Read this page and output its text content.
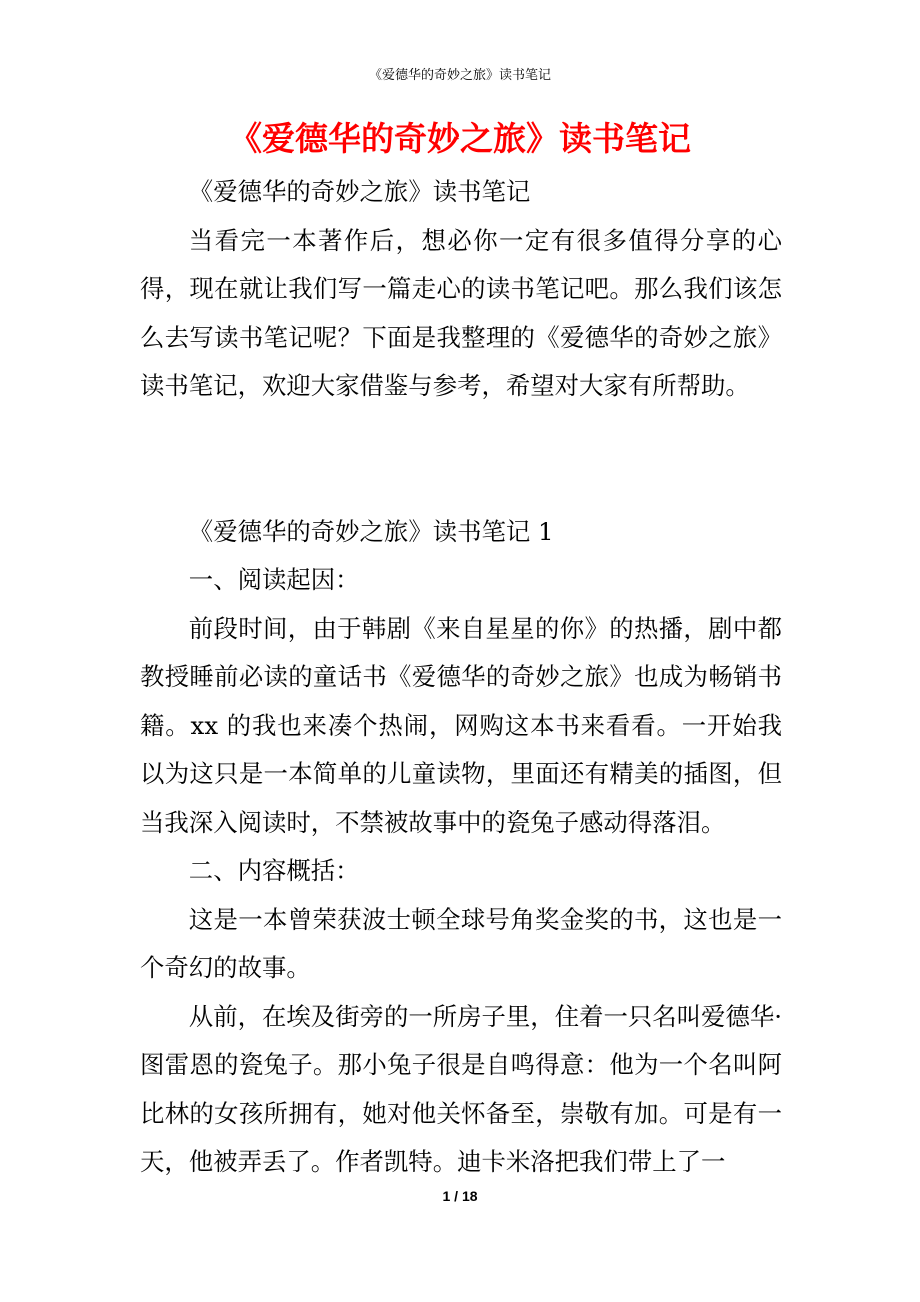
《爱德华的奇妙之旅》读书笔记
《爱德华的奇妙之旅》读书笔记

《爱德华的奇妙之旅》读书笔记

当看完一本著作后，想必你一定有很多值得分享的心得，现在就让我们写一篇走心的读书笔记吧。那么我们该怎么去写读书笔记呢？下面是我整理的《爱德华的奇妙之旅》读书笔记，欢迎大家借鉴与参考，希望对大家有所帮助。

《爱德华的奇妙之旅》读书笔记 1

一、阅读起因：

前段时间，由于韩剧《来自星星的你》的热播，剧中都教授睡前必读的童话书《爱德华的奇妙之旅》也成为畅销书籍。xx 的我也来凑个热闹，网购这本书来看看。一开始我以为这只是一本简单的儿童读物，里面还有精美的插图，但当我深入阅读时，不禁被故事中的瓷兔子感动得落泪。

二、内容概括：

这是一本曾荣获波士顿全球号角奖金奖的书，这也是一个奇幻的故事。

从前，在埃及街旁的一所房子里，住着一只名叫爱德华·图雷恩的瓷兔子。那小兔子很是自鸣得意：他为一个名叫阿比林的女孩所拥有，她对他关怀备至，崇敬有加。可是有一天，他被弄丢了。作者凯特。迪卡米洛把我们带上了一

1 / 18
